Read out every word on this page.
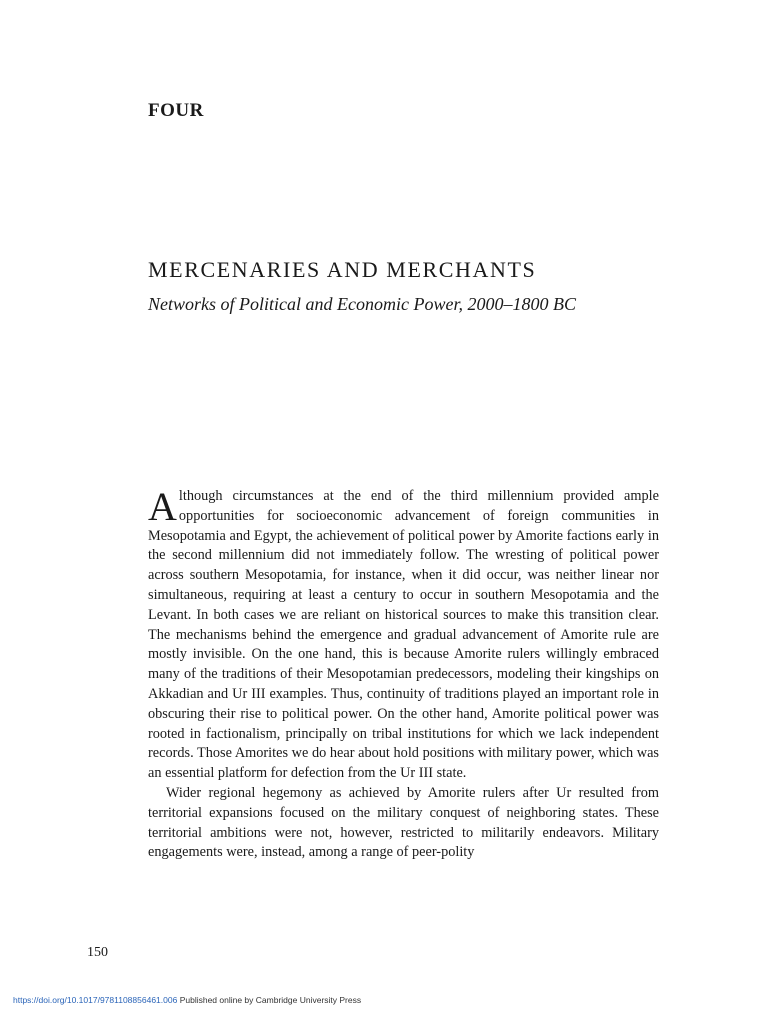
FOUR
MERCENARIES AND MERCHANTS
Networks of Political and Economic Power, 2000–1800 BC

Although circumstances at the end of the third millennium provided ample opportunities for socioeconomic advancement of foreign communities in Mesopotamia and Egypt, the achievement of political power by Amorite factions early in the second millennium did not immediately follow. The wresting of political power across southern Mesopotamia, for instance, when it did occur, was neither linear nor simultaneous, requiring at least a century to occur in southern Mesopotamia and the Levant. In both cases we are reliant on historical sources to make this transition clear. The mechanisms behind the emergence and gradual advancement of Amorite rule are mostly invisible. On the one hand, this is because Amorite rulers willingly embraced many of the traditions of their Mesopotamian predecessors, modeling their kingships on Akkadian and Ur III examples. Thus, continuity of traditions played an important role in obscuring their rise to political power. On the other hand, Amorite political power was rooted in factionalism, principally on tribal institutions for which we lack independent records. Those Amorites we do hear about hold positions with military power, which was an essential platform for defection from the Ur III state.

Wider regional hegemony as achieved by Amorite rulers after Ur resulted from territorial expansions focused on the military conquest of neighboring states. These territorial ambitions were not, however, restricted to militarily endeavors. Military engagements were, instead, among a range of peer-polity

150
https://doi.org/10.1017/9781108856461.006 Published online by Cambridge University Press
